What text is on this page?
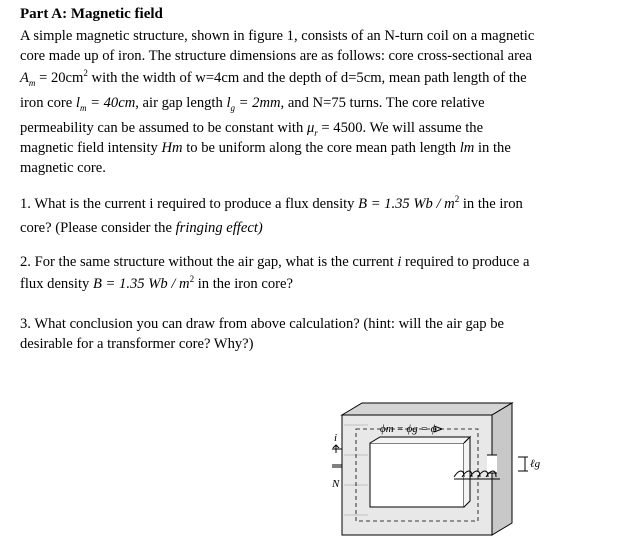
Part A: Magnetic field
A simple magnetic structure, shown in figure 1, consists of an N-turn coil on a magnetic
core made up of iron. The structure dimensions are as follows: core cross-sectional area
$A_m = 20cm^2$ with the width of w=4cm and the depth of d=5cm, mean path length of the
iron core $l_m = 40cm$, air gap length $l_g = 2mm$, and N=75 turns. The core relative
permeability can be assumed to be constant with $\mu_r = 4500$. We will assume the
magnetic field intensity Hm to be uniform along the core mean path length lm in the
magnetic core.
1. What is the current i required to produce a flux density B = 1.35 Wb / $m^2$ in the iron
core? (Please consider the fringing effect)
2. For the same structure without the air gap, what is the current i required to produce a
flux density B = 1.35 Wb / $m^2$ in the iron core?
3. What conclusion you can draw from above calculation? (hint: will the air gap be
desirable for a transformer core? Why?)
ϕm = ϕg = ϕ
i
N
ℓg
